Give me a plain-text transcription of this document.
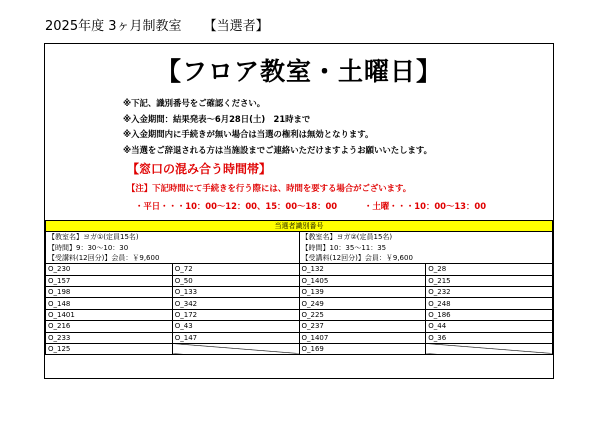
2025年度 3ヶ月制教室 【当選者】
【フロア教室・土曜日】
※下記、識別番号をご確認ください。
※入金期間：結果発表～6月28日(土)　21時まで
※入金期間内に手続きが無い場合は当選の権利は無効となります。
※当選をご辞退される方は当施設までご連絡いただけますようお願いいたします。
【窓口の混み合う時間帯】
【注】下記時間にて手続きを行う際には、時間を要する場合がございます。
・平日・・・10：00～12：00、15：00～18：00	・土曜・・・10：00～13：00
当選者識別番号			
【教室名】ヨガ①(定員15名)		【教室名】ヨガ②(定員15名)	
【時間】9：30～10：30		【時間】10：35～11：35	
【受講料(12回分)】会員：￥9,600		【受講料(12回分)】会員：￥9,600	
O_230	O_72	O_132	O_28
O_157	O_50	O_1405	O_215
O_198	O_133	O_139	O_232
O_148	O_342	O_249	O_248
O_1401	O_172	O_225	O_186
O_216	O_43	O_237	O_44
O_233	O_147	O_1407	O_36
O_125		O_169	
